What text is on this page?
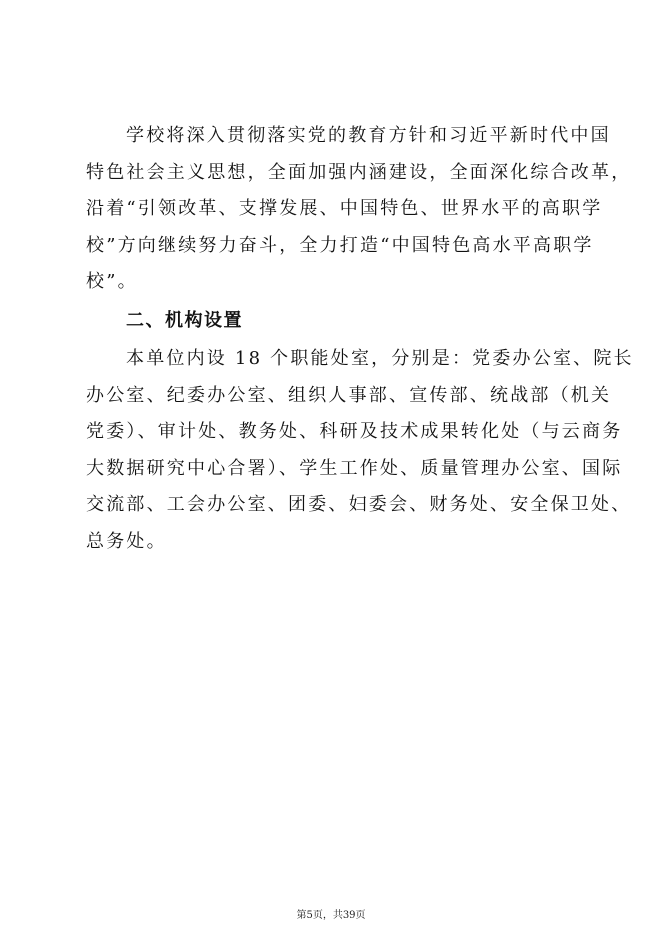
学校将深入贯彻落实党的教育方针和习近平新时代中国
特色社会主义思想，全面加强内涵建设，全面深化综合改革，
沿着“引领改革、支撑发展、中国特色、世界水平的高职学
校”方向继续努力奋斗，全力打造“中国特色高水平高职学
校”。
二、机构设置
本单位内设 18 个职能处室，分别是：党委办公室、院长
办公室、纪委办公室、组织人事部、宣传部、统战部（机关
党委）、审计处、教务处、科研及技术成果转化处（与云商务
大数据研究中心合署）、学生工作处、质量管理办公室、国际
交流部、工会办公室、团委、妇委会、财务处、安全保卫处、
总务处。
第5页，共39页
